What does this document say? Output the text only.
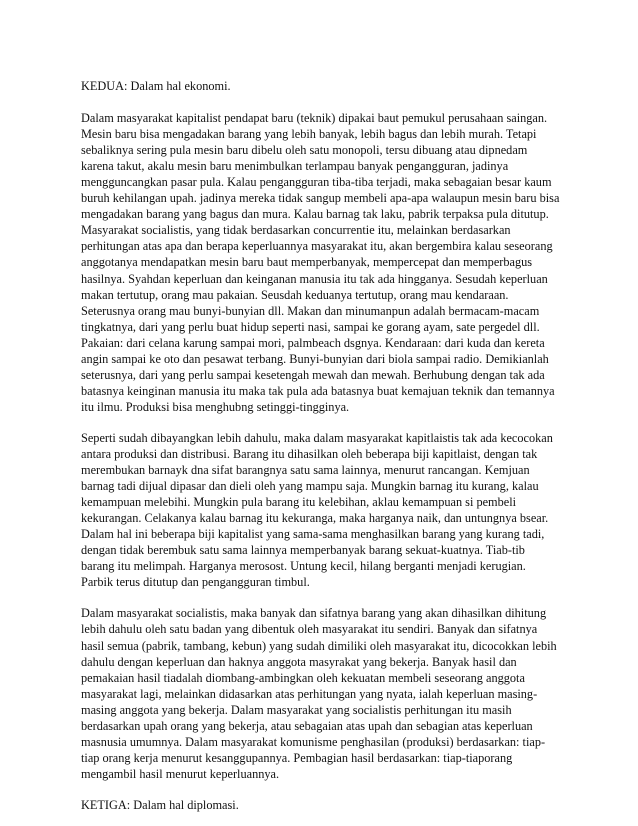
KEDUA: Dalam hal ekonomi.
Dalam masyarakat kapitalist pendapat baru (teknik) dipakai baut pemukul perusahaan saingan.
Mesin baru bisa mengadakan barang yang lebih banyak, lebih bagus dan lebih murah. Tetapi
sebaliknya sering pula mesin baru dibelu oleh satu monopoli, tersu dibuang atau dipnedam
karena takut, akalu mesin baru menimbulkan terlampau banyak pengangguran, jadinya
mengguncangkan pasar pula. Kalau pengangguran tiba-tiba terjadi, maka sebagaian besar kaum
buruh kehilangan upah. jadinya mereka tidak sangup membeli apa-apa walaupun mesin baru bisa
mengadakan barang yang bagus dan mura. Kalau barnag tak laku, pabrik terpaksa pula ditutup.
Masyarakat socialistis, yang tidak berdasarkan concurrentie itu, melainkan berdasarkan
perhitungan atas apa dan berapa keperluannya masyarakat itu, akan bergembira kalau seseorang
anggotanya mendapatkan mesin baru baut memperbanyak, mempercepat dan memperbagus
hasilnya. Syahdan keperluan dan keinganan manusia itu tak ada hingganya. Sesudah keperluan
makan tertutup, orang mau pakaian. Seusdah keduanya tertutup, orang mau kendaraan.
Seterusnya orang mau bunyi-bunyian dll. Makan dan minumanpun adalah bermacam-macam
tingkatnya, dari yang perlu buat hidup seperti nasi, sampai ke gorang ayam, sate pergedel dll.
Pakaian: dari celana karung sampai mori, palmbeach dsgnya. Kendaraan: dari kuda dan kereta
angin sampai ke oto dan pesawat terbang. Bunyi-bunyian dari biola sampai radio. Demikianlah
seterusnya, dari yang perlu sampai kesetengah mewah dan mewah. Berhubung dengan tak ada
batasnya keinginan manusia itu maka tak pula ada batasnya buat kemajuan teknik dan temannya
itu ilmu. Produksi bisa menghubng setinggi-tingginya.
Seperti sudah dibayangkan lebih dahulu, maka dalam masyarakat kapitlaistis tak ada kecocokan
antara produksi dan distribusi. Barang itu dihasilkan oleh beberapa biji kapitlaist, dengan tak
merembukan barnayk dna sifat barangnya satu sama lainnya, menurut rancangan. Kemjuan
barnag tadi dijual dipasar dan dieli oleh yang mampu saja. Mungkin barnag itu kurang, kalau
kemampuan melebihi. Mungkin pula barang itu kelebihan, aklau kemampuan si pembeli
kekurangan. Celakanya kalau barnag itu kekuranga, maka harganya naik, dan untungnya bsear.
Dalam hal ini beberapa biji kapitalist yang sama-sama menghasilkan barang yang kurang tadi,
dengan tidak berembuk satu sama lainnya memperbanyak barang sekuat-kuatnya. Tiab-tib
barang itu melimpah. Harganya merosost. Untung kecil, hilang berganti menjadi kerugian.
Parbik terus ditutup dan pengangguran timbul.
Dalam masyarakat socialistis, maka banyak dan sifatnya barang yang akan dihasilkan dihitung
lebih dahulu oleh satu badan yang dibentuk oleh masyarakat itu sendiri. Banyak dan sifatnya
hasil semua (pabrik, tambang, kebun) yang sudah dimiliki oleh masyarakat itu, dicocokkan lebih
dahulu dengan keperluan dan haknya anggota masyrakat yang bekerja. Banyak hasil dan
pemakaian hasil tiadalah diombang-ambingkan oleh kekuatan membeli seseorang anggota
masyarakat lagi, melainkan didasarkan atas perhitungan yang nyata, ialah keperluan masing-
masing anggota yang bekerja. Dalam masyarakat yang socialistis perhitungan itu masih
berdasarkan upah orang yang bekerja, atau sebagaian atas upah dan sebagian atas keperluan
masnusia umumnya. Dalam masyarakat komunisme penghasilan (produksi) berdasarkan: tiap-
tiap orang kerja menurut kesanggupannya. Pembagian hasil berdasarkan: tiap-tiaporang
mengambil hasil menurut keperluannya.
KETIGA: Dalam hal diplomasi.
